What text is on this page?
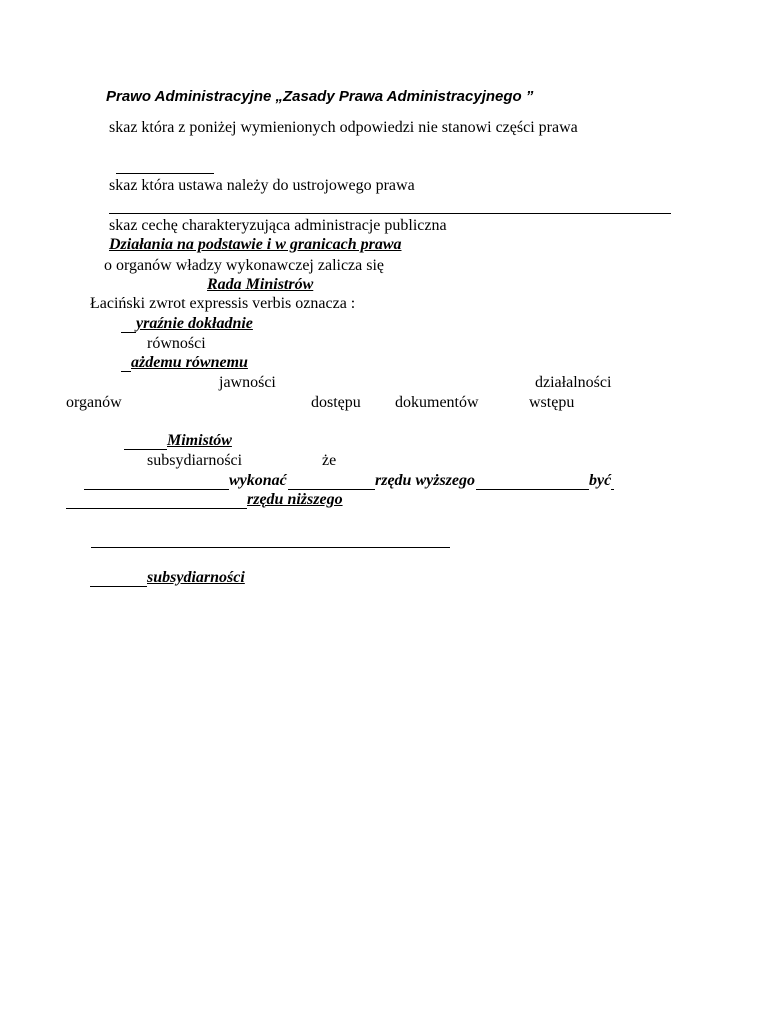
Prawo Administracyjne „Zasady Prawa Administracyjnego ”
skaz która z poniżej wymienionych odpowiedzi nie stanowi części prawa
skaz która ustawa należy do ustrojowego prawa
skaz cechę charakteryzująca administracje publiczna
Działania na podstawie i w granicach prawa
o organów władzy wykonawczej zalicza się
Rada Ministrów
Łaciński zwrot expressis verbis oznacza :
yraźnie dokładnie
równości
ażdemu równemu
jawności	działalności
organów	dostępu dokumentów	wstępu
Mimistów
subsydiarności	że
wykonać	rzędu wyższego	być
rzędu niższego
subsydiarności
